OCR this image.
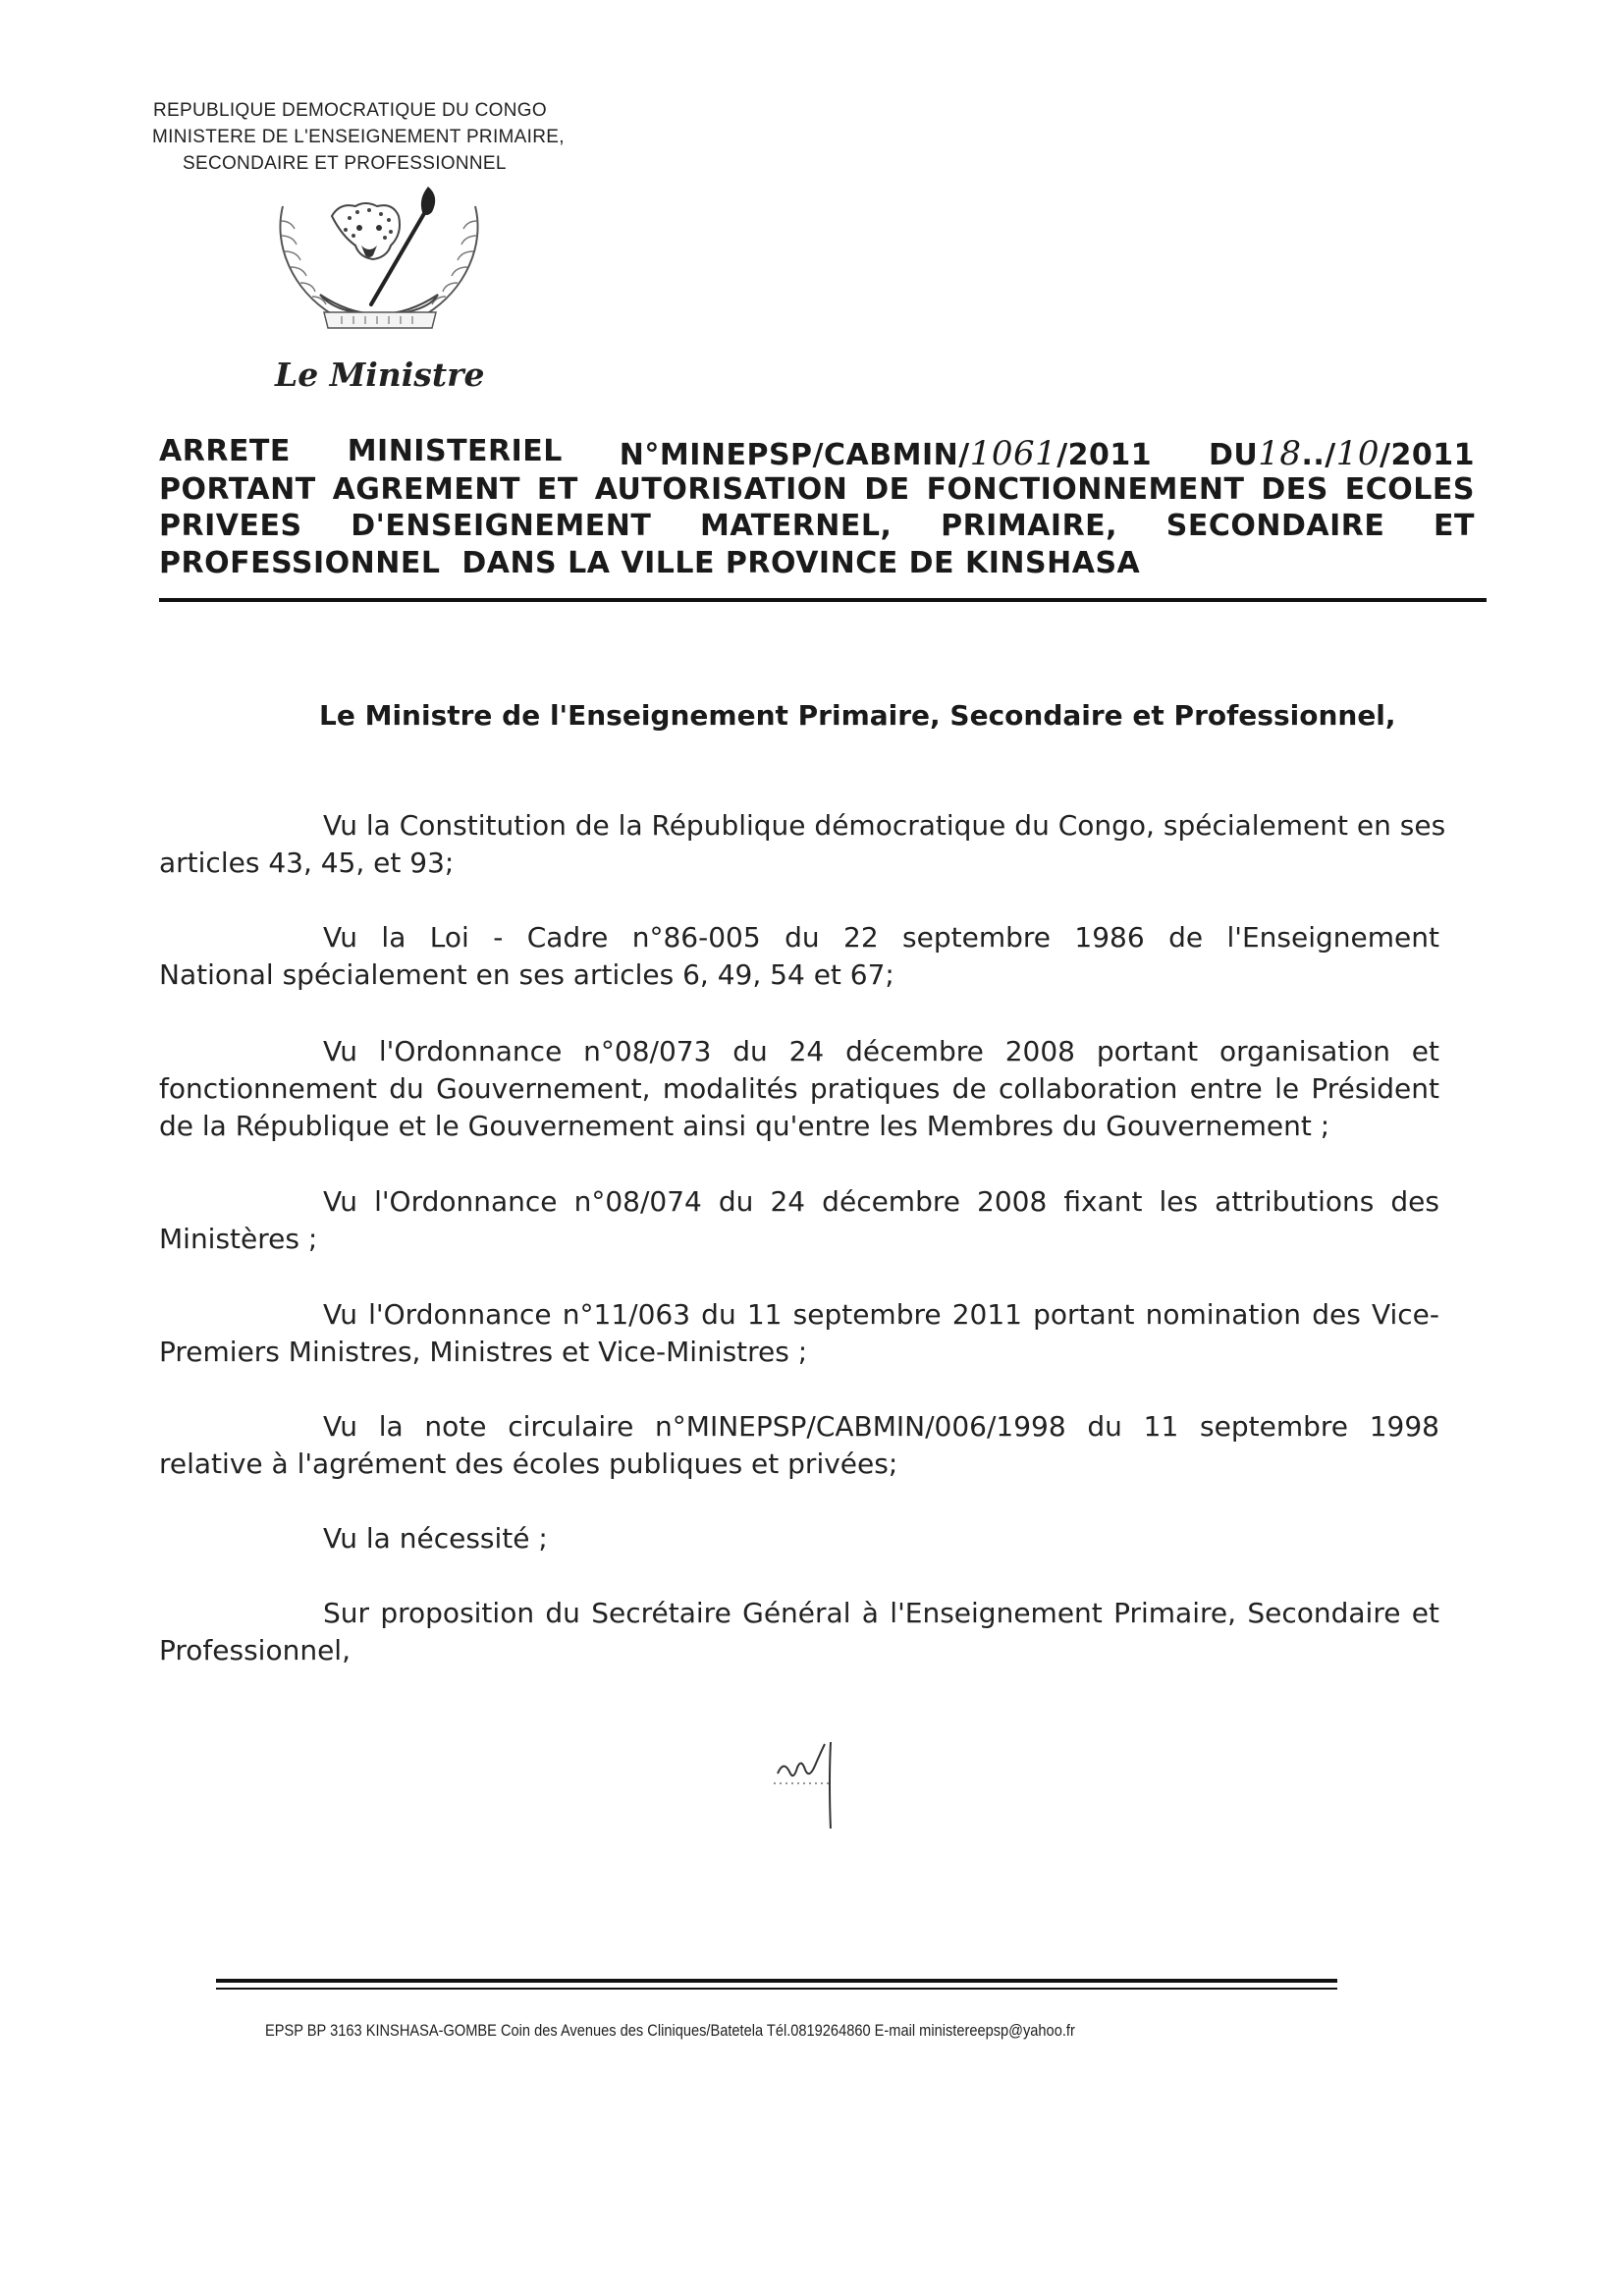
REPUBLIQUE DEMOCRATIQUE DU CONGO
MINISTERE DE L'ENSEIGNEMENT PRIMAIRE,
SECONDAIRE ET PROFESSIONNEL
Le Ministre
ARRETE MINISTERIEL N°MINEPSP/CABMIN/1061/2011 DU18../10/2011
PORTANT AGREMENT ET AUTORISATION DE FONCTIONNEMENT DES ECOLES
PRIVEES D'ENSEIGNEMENT MATERNEL, PRIMAIRE, SECONDAIRE ET
PROFESSIONNEL  DANS LA VILLE PROVINCE DE KINSHASA
Le Ministre de l'Enseignement Primaire, Secondaire et Professionnel,
Vu la Constitution de la République démocratique du Congo, spécialement en ses
articles 43, 45, et 93;
Vu la Loi - Cadre n°86-005 du 22 septembre 1986 de l'Enseignement
National spécialement en ses articles 6, 49, 54 et 67;
Vu l'Ordonnance n°08/073 du 24 décembre 2008 portant organisation et
fonctionnement du Gouvernement, modalités pratiques de collaboration entre le Président
de la République et le Gouvernement ainsi qu'entre les Membres du Gouvernement ;
Vu l'Ordonnance n°08/074 du 24 décembre 2008 fixant les attributions des
Ministères ;
Vu l'Ordonnance n°11/063 du 11 septembre 2011 portant nomination des Vice-
Premiers Ministres, Ministres et Vice-Ministres ;
Vu la note circulaire n°MINEPSP/CABMIN/006/1998 du 11 septembre 1998
relative à l'agrément des écoles publiques et privées;
Vu la nécessité ;
Sur proposition du Secrétaire Général à l'Enseignement Primaire, Secondaire et
Professionnel,
EPSP BP 3163 KINSHASA-GOMBE Coin des Avenues des Cliniques/Batetela Tél.0819264860 E-mail ministereepsp@yahoo.fr
